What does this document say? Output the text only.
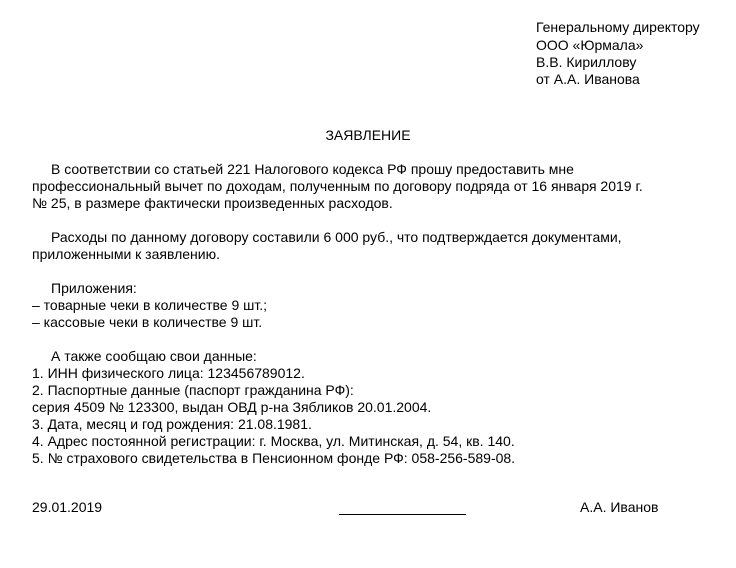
Генеральному директору
ООО «Юрмала»
В.В. Кириллову
от А.А. Иванова
ЗАЯВЛЕНИЕ
В соответствии со статьей 221 Налогового кодекса РФ прошу предоставить мне
профессиональный вычет по доходам, полученным по договору подряда от 16 января 2019 г.
№ 25, в размере фактически произведенных расходов.
Расходы по данному договору составили 6 000 руб., что подтверждается документами,
приложенными к заявлению.
Приложения:
– товарные чеки в количестве 9 шт.;
– кассовые чеки в количестве 9 шт.
А также сообщаю свои данные:
1. ИНН физического лица: 123456789012.
2. Паспортные данные (паспорт гражданина РФ):
серия 4509 № 123300, выдан ОВД р-на Зябликов 20.01.2004.
3. Дата, месяц и год рождения: 21.08.1981.
4. Адрес постоянной регистрации: г. Москва, ул. Митинская, д. 54, кв. 140.
5. № страхового свидетельства в Пенсионном фонде РФ: 058-256-589-08.
29.01.2019	А.А. Иванов
